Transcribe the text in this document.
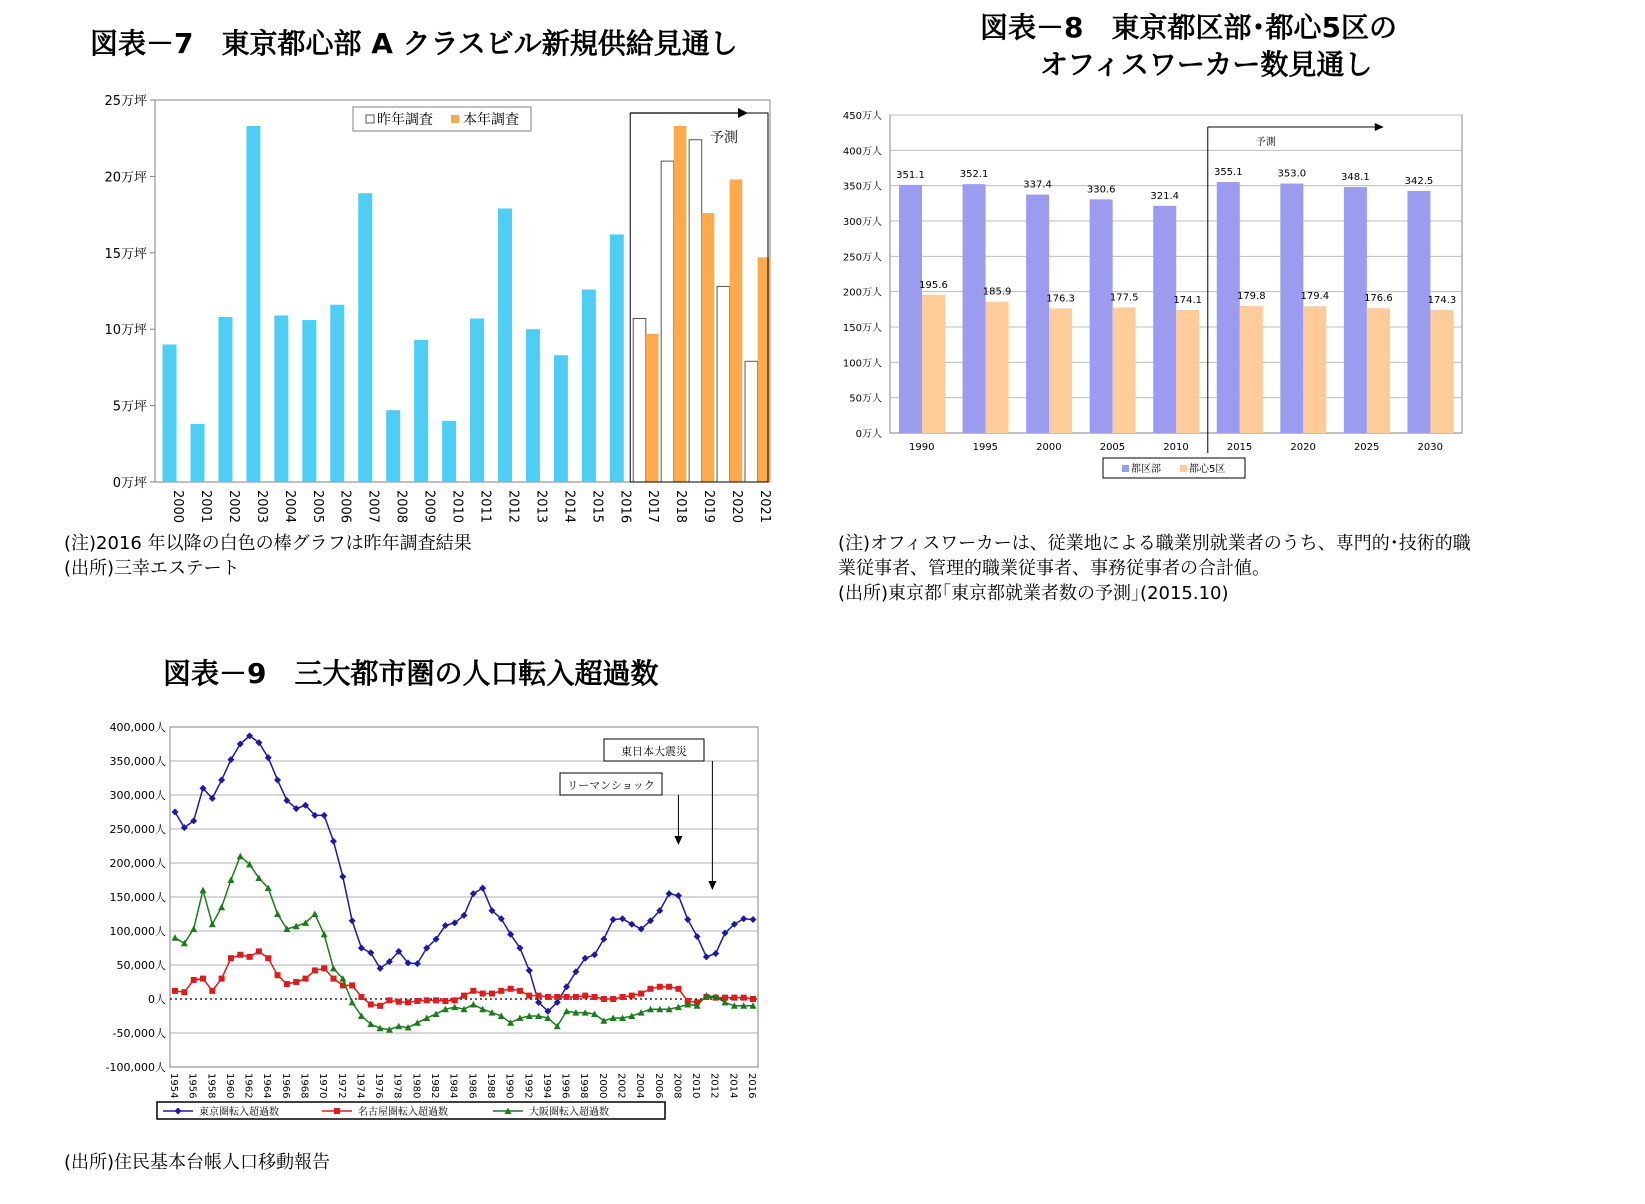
図表－7　東京都心部 A クラスビル新規供給見通し
0万坪
5万坪
10万坪
15万坪
20万坪
25万坪
2000 2001 2002 2003 2004 2005 2006 2007 2008 2009 2010 2011 2012 2013 2014 2015 2016 2017 2018 2019 2020 2021
予測
昨年調査 本年調査
(注)2016 年以降の白色の棒グラフは昨年調査結果
(出所)三幸エステート
図表－8　東京都区部･都心5区の
オフィスワーカー数見通し
0万人
50万人
100万人
150万人
200万人
250万人
300万人
350万人
400万人
450万人
351.1
195.6
1990
352.1
185.9
1995
337.4
176.3
2000
330.6
177.5
2005
321.4
174.1
2010
355.1
179.8
2015
353.0
179.4
2020
348.1
176.6
2025
342.5
174.3
2030
予測
都区部	都心5区
(注)オフィスワーカーは、従業地による職業別就業者のうち、専門的･技術的職
業従事者、管理的職業従事者、事務従事者の合計値。
(出所)東京都｢東京都就業者数の予測｣(2015.10)
図表－9　三大都市圏の人口転入超過数
-100,000人
-50,000人
0人
50,000人
100,000人
150,000人
200,000人
250,000人
300,000人
350,000人
400,000人
1954 1956 1958 1960 1962 1964 1966 1968 1970 1972 1974 1976 1978 1980 1982 1984 1986 1988 1990 1992 1994 1996 1998 2000 2002 2004 2006 2008 2010 2012 2014 2016
リーマンショック
東日本大震災
東京圏転入超過数	名古屋圏転入超過数	大阪圏転入超過数
(出所)住民基本台帳人口移動報告
